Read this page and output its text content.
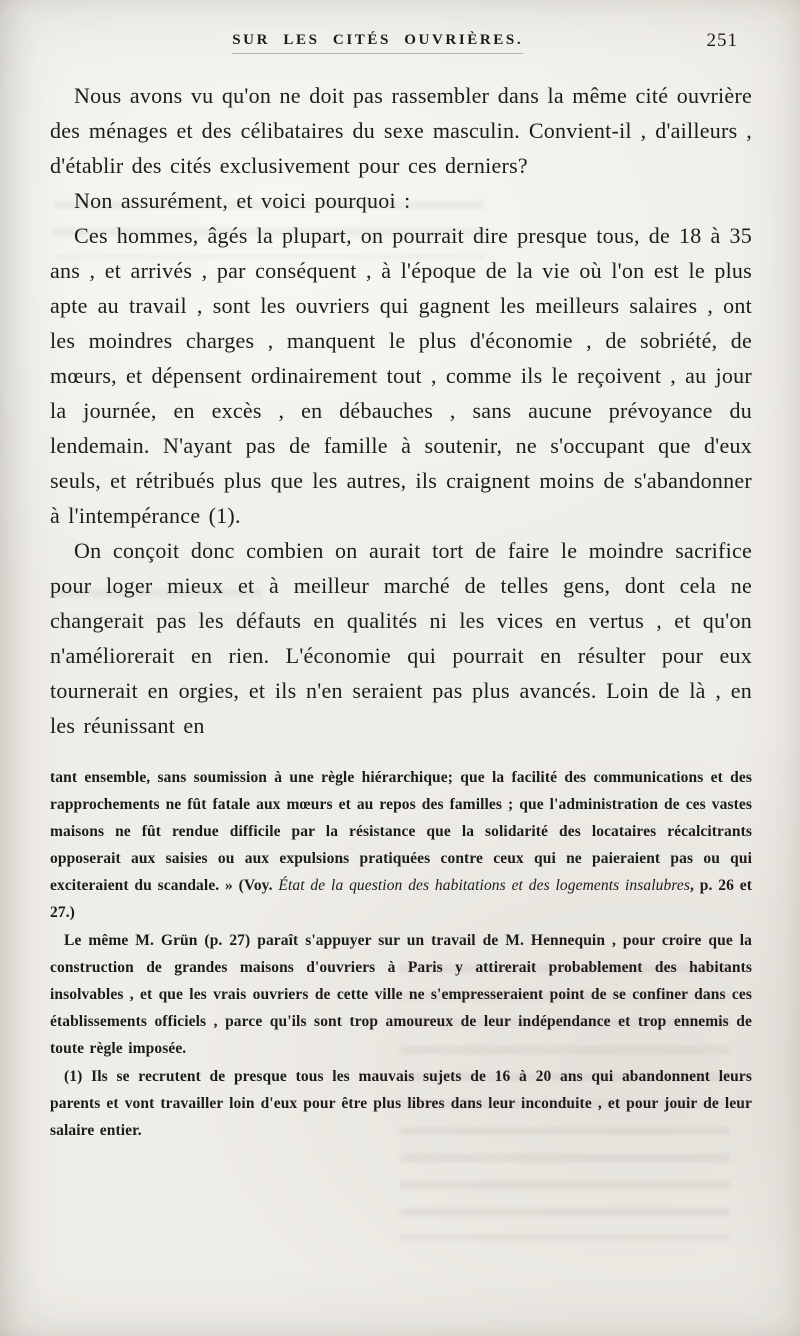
SUR LES CITÉS OUVRIÈRES.	251

Nous avons vu qu'on ne doit pas rassembler dans la même cité ouvrière des ménages et des célibataires du sexe masculin. Convient-il , d'ailleurs , d'établir des cités exclusivement pour ces derniers?

Non assurément, et voici pourquoi :

Ces hommes, âgés la plupart, on pourrait dire presque tous, de 18 à 35 ans , et arrivés , par conséquent , à l'époque de la vie où l'on est le plus apte au travail , sont les ouvriers qui gagnent les meilleurs salaires , ont les moindres charges , manquent le plus d'économie , de sobriété, de mœurs, et dépensent ordinairement tout , comme ils le reçoivent , au jour la journée, en excès , en débauches , sans aucune prévoyance du lendemain. N'ayant pas de famille à soutenir, ne s'occupant que d'eux seuls, et rétribués plus que les autres, ils craignent moins de s'abandonner à l'intempérance (1).

On conçoit donc combien on aurait tort de faire le moindre sacrifice pour loger mieux et à meilleur marché de telles gens, dont cela ne changerait pas les défauts en qualités ni les vices en vertus , et qu'on n'améliorerait en rien. L'économie qui pourrait en résulter pour eux tournerait en orgies, et ils n'en seraient pas plus avancés. Loin de là , en les réunissant en

tant ensemble, sans soumission à une règle hiérarchique; que la facilité des communications et des rapprochements ne fût fatale aux mœurs et au repos des familles ; que l'administration de ces vastes maisons ne fût rendue difficile par la résistance que la solidarité des locataires récalcitrants opposerait aux saisies ou aux expulsions pratiquées contre ceux qui ne paieraient pas ou qui exciteraient du scandale. » (Voy. État de la question des habitations et des logements insalubres, p. 26 et 27.)

Le même M. Grün (p. 27) paraît s'appuyer sur un travail de M. Hennequin , pour croire que la construction de grandes maisons d'ouvriers à Paris y attirerait probablement des habitants insolvables , et que les vrais ouvriers de cette ville ne s'empresseraient point de se confiner dans ces établissements officiels , parce qu'ils sont trop amoureux de leur indépendance et trop ennemis de toute règle imposée.

(1) Ils se recrutent de presque tous les mauvais sujets de 16 à 20 ans qui abandonnent leurs parents et vont travailler loin d'eux pour être plus libres dans leur inconduite , et pour jouir de leur salaire entier.
